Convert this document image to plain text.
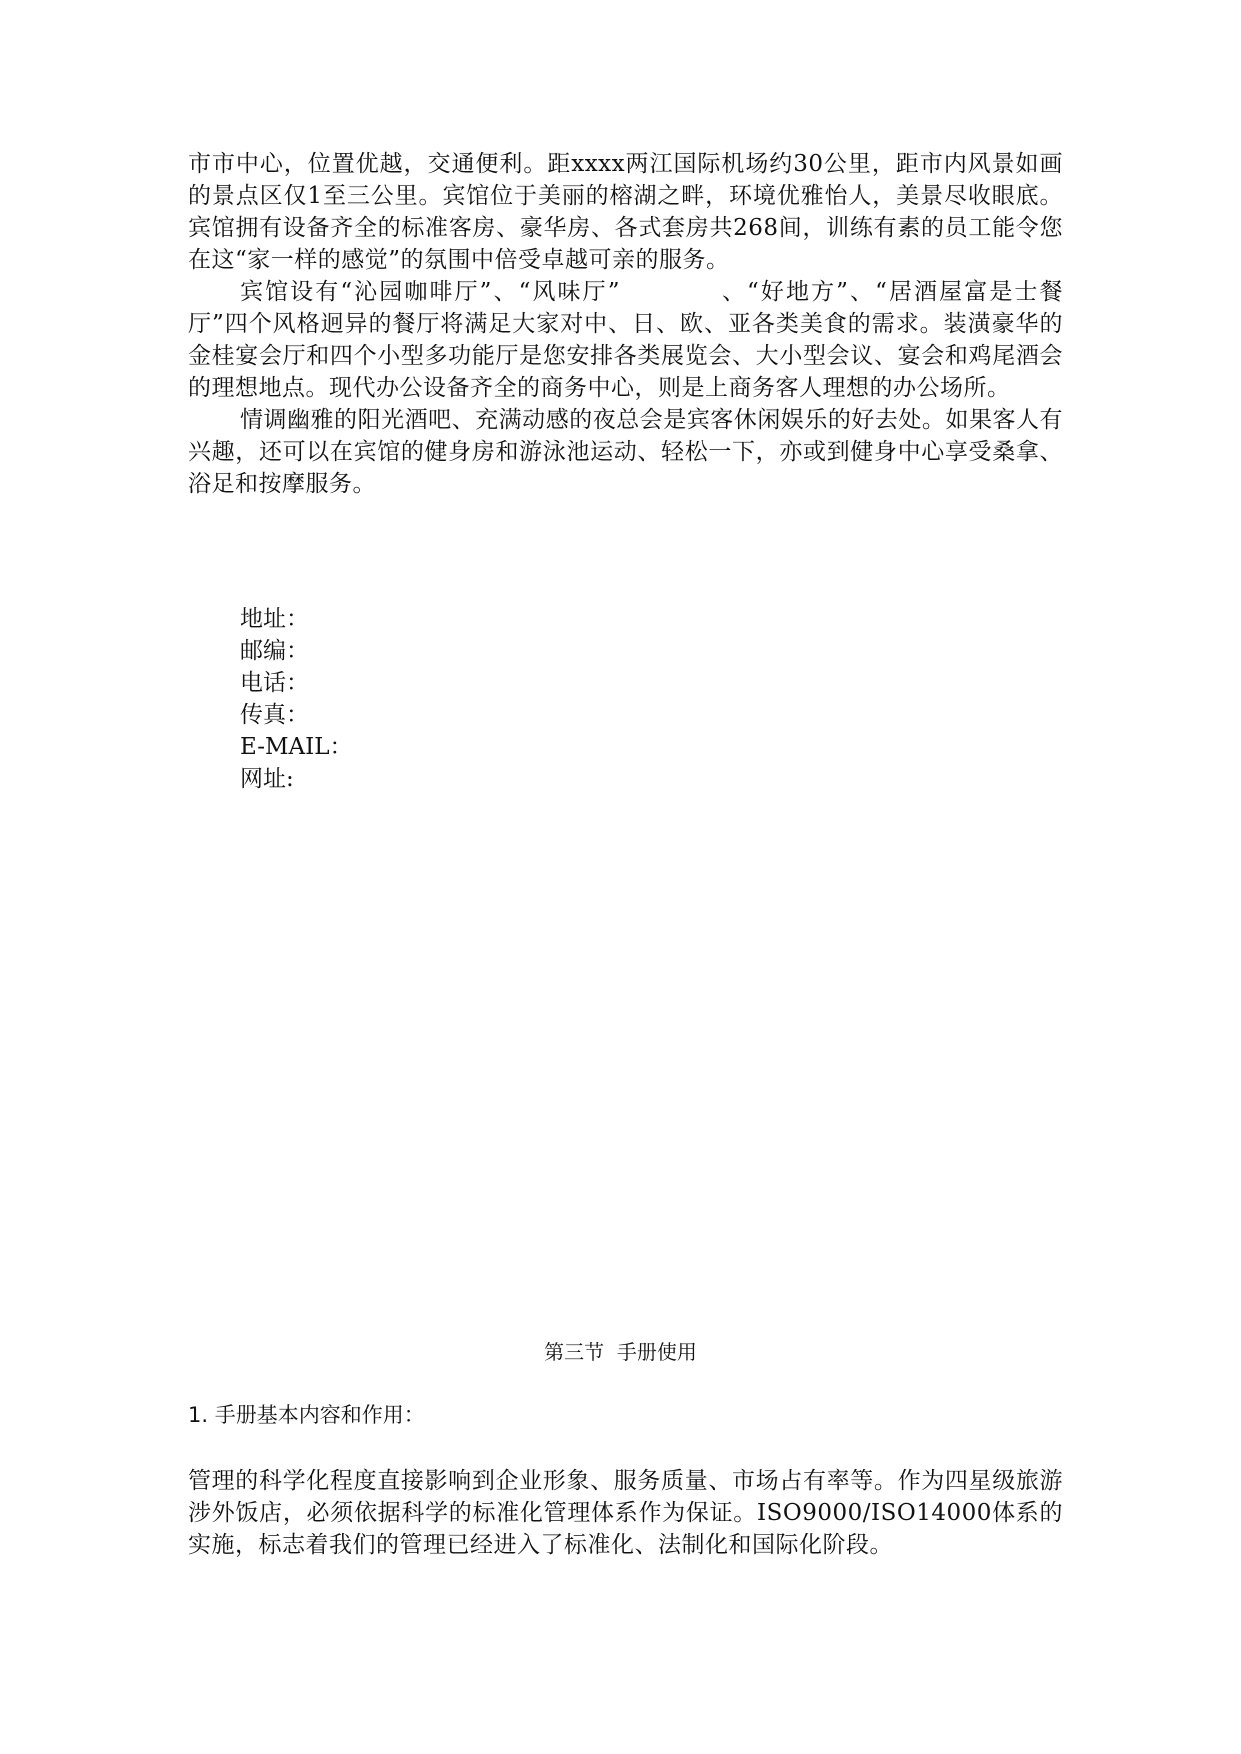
市市中心，位置优越，交通便利。距xxxx两江国际机场约30公里，距市内风景如画的景点区仅1至三公里。宾馆位于美丽的榕湖之畔，环境优雅怡人，美景尽收眼底。宾馆拥有设备齐全的标准客房、豪华房、各式套房共268间，训练有素的员工能令您在这“家一样的感觉”的氛围中倍受卓越可亲的服务。

宾馆设有“沁园咖啡厅”、“风味厅”　　　　、“好地方”、“居酒屋富是士餐厅”四个风格迥异的餐厅将满足大家对中、日、欧、亚各类美食的需求。装潢豪华的金桂宴会厅和四个小型多功能厅是您安排各类展览会、大小型会议、宴会和鸡尾酒会的理想地点。现代办公设备齐全的商务中心，则是上商务客人理想的办公场所。

情调幽雅的阳光酒吧、充满动感的夜总会是宾客休闲娱乐的好去处。如果客人有兴趣，还可以在宾馆的健身房和游泳池运动、轻松一下，亦或到健身中心享受桑拿、浴足和按摩服务。

地址：
邮编：
电话：
传真：
E-MAIL：
网址:
第三节  手册使用
1. 手册基本内容和作用：

管理的科学化程度直接影响到企业形象、服务质量、市场占有率等。作为四星级旅游涉外饭店，必须依据科学的标准化管理体系作为保证。ISO9000/ISO14000体系的实施，标志着我们的管理已经进入了标准化、法制化和国际化阶段。
